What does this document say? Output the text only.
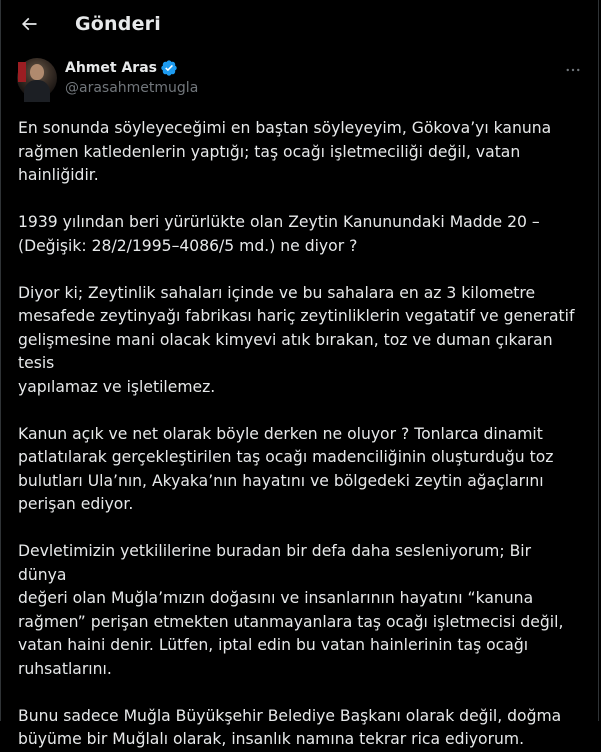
Gönderi
Ahmet Aras
@arasahmetmugla

En sonunda söyleyeceğimi en baştan söyleyeyim, Gökova’yı kanuna
rağmen katledenlerin yaptığı; taş ocağı işletmeciliği değil, vatan
hainliğidir.

1939 yılından beri yürürlükte olan Zeytin Kanunundaki Madde 20 –
(Değişik: 28/2/1995–4086/5 md.) ne diyor ?

Diyor ki; Zeytinlik sahaları içinde ve bu sahalara en az 3 kilometre
mesafede zeytinyağı fabrikası hariç zeytinliklerin vegatatif ve generatif
gelişmesine mani olacak kimyevi atık bırakan, toz ve duman çıkaran tesis
yapılamaz ve işletilemez.

Kanun açık ve net olarak böyle derken ne oluyor ? Tonlarca dinamit
patlatılarak gerçekleştirilen taş ocağı madenciliğinin oluşturduğu toz
bulutları Ula’nın, Akyaka’nın hayatını ve bölgedeki zeytin ağaçlarını
perişan ediyor.

Devletimizin yetkililerine buradan bir defa daha sesleniyorum; Bir dünya
değeri olan Muğla’mızın doğasını ve insanlarının hayatını “kanuna
rağmen” perişan etmekten utanmayanlara taş ocağı işletmecisi değil,
vatan haini denir. Lütfen, iptal edin bu vatan hainlerinin taş ocağı
ruhsatlarını.

Bunu sadece Muğla Büyükşehir Belediye Başkanı olarak değil, doğma
büyüme bir Muğlalı olarak, insanlık namına tekrar rica ediyorum.
